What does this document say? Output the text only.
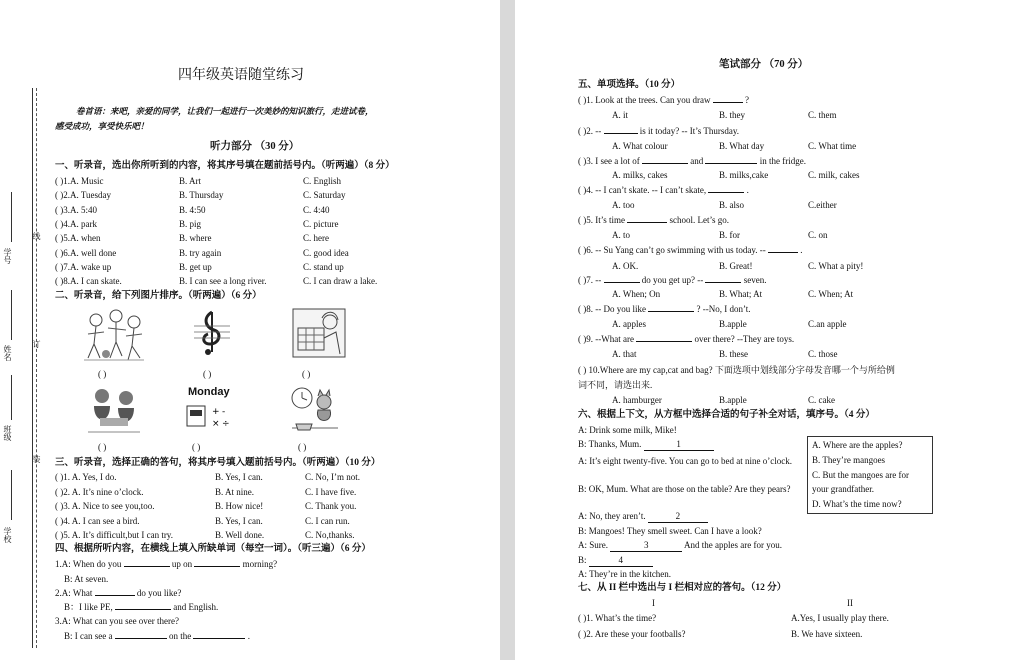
学号
线
姓名
订
班级
装
学校
四年级英语随堂练习
卷首语：来吧，亲爱的同学，让我们一起进行一次美妙的知识旅行，走进试卷，
感受成功，享受快乐吧！
听力部分 （30 分）
一、听录音，选出你所听到的内容，将其序号填在题前括号内。（听两遍）（8 分）
( )1.A. Music	B. Art	C. English
( )2.A. Tuesday	B. Thursday	C. Saturday
( )3.A. 5:40	B. 4:50	C. 4:40
( )4.A. park	B. pig	C. picture
( )5.A. when	B. where	C. here
( )6.A. well done	B. try again	C. good idea
( )7.A. wake up	B. get up	C. stand up
( )8.A. I can skate.	B. I can see a long river.	C. I can draw a lake.
二、听录音，给下列图片排序。（听两遍）（6 分）
( )	( )	( )
Monday
+ -
× ÷
( )	( )	( )
三、听录音，选择正确的答句，将其序号填入题前括号内。（听两遍）（10 分）
( )1. A. Yes, I do.	B. Yes, I can.	C. No, I’m not.
( )2. A. It’s nine o’clock.	B. At nine.	C. I have five.
( )3. A. Nice to see you,too.	B. How nice!	C. Thank you.
( )4. A. I can see a bird.	B. Yes, I can.	C. I can run.
( )5. A. It’s difficult,but I can try.	B. Well done.	C. No,thanks.
四、根据所听内容，在横线上填入所缺单词（每空一词）。（听三遍）（6 分）
1.A: When do you	up on	morning?
B: At seven.
2.A: What	do you like?
B：I like PE,	and English.
3.A: What can you see over there?
B: I can see a	on the	.
笔试部分 （70 分）
五、单项选择。（10 分）
( )1. Look at the trees. Can you draw	?
A. it	B. they	C. them
( )2. --	is it today? -- It’s Thursday.
A. What colour	B. What day	C. What time
( )3. I see a lot of	and	in the fridge.
A. milks, cakes	B. milks,cake	C. milk, cakes
( )4. -- I can’t skate. -- I can’t skate,	.
A. too	B. also	C.either
( )5. It’s time	school. Let’s go.
A. to	B. for	C. on
( )6. -- Su Yang can’t go swimming with us today. --	.
A. OK.	B. Great!	C. What a pity!
( )7. --	do you get up? --	seven.
A. When; On	B. What; At	C. When; At
( )8. -- Do you like	? --No, I don’t.
A. apples	B.apple	C.an apple
( )9. --What are	over there? --They are toys.
A. that	B. these	C. those
( ) 10.Where are my cap,cat and bag? 下面选项中划线部分字母发音哪一个与所给例
词不同，请选出来.
A. hamburger	B.apple	C. cake
六、根据上下文，从方框中选择合适的句子补全对话，填序号。（4 分）
A: Drink some milk, Mike!
B: Thanks, Mum.	1
A: It’s eight twenty-five. You can go to bed at nine o’clock.
B: OK, Mum. What are those on the table? Are they pears?
A: No, they aren’t.	2
B: Mangoes! They smell sweet. Can I have a look?
A: Sure.	3	And the apples are for you.
B:	4
A: They’re in the kitchen.
A. Where are the apples?
B. They’re mangoes
C. But the mangoes are for
your grandfather.
D. What’s the time now?
七、从 II 栏中选出与 I 栏相对应的答句。（12 分）
I	II
( )1. What’s the time?	A.Yes, I usually play there.
( )2. Are these your footballs?	B. We have sixteen.
